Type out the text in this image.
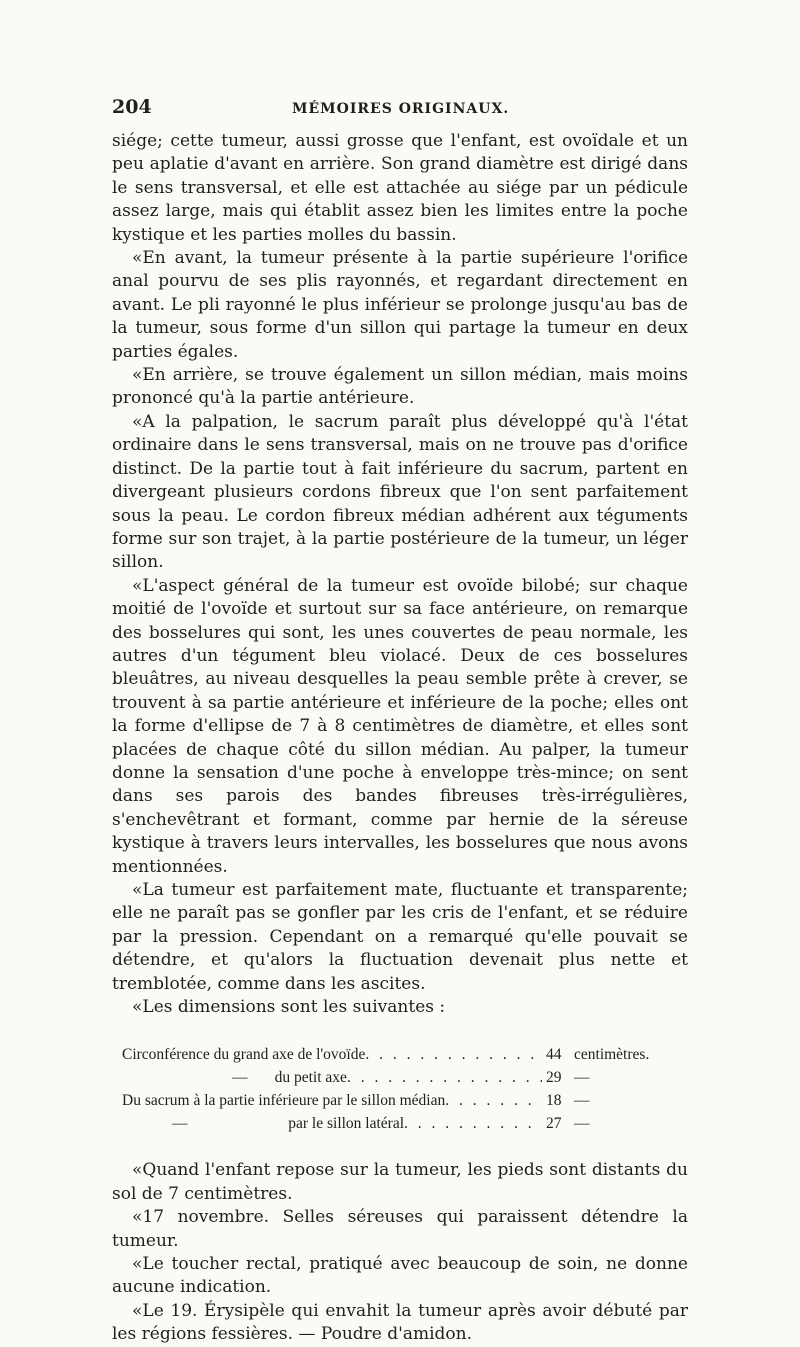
204	MÉMOIRES ORIGINAUX.

siége; cette tumeur, aussi grosse que l'enfant, est ovoïdale et un peu aplatie d'avant en arrière. Son grand diamètre est dirigé dans le sens transversal, et elle est attachée au siége par un pédicule assez large, mais qui établit assez bien les limites entre la poche kystique et les parties molles du bassin.

«En avant, la tumeur présente à la partie supérieure l'orifice anal pourvu de ses plis rayonnés, et regardant directement en avant. Le pli rayonné le plus inférieur se prolonge jusqu'au bas de la tumeur, sous forme d'un sillon qui partage la tumeur en deux parties égales.

«En arrière, se trouve également un sillon médian, mais moins prononcé qu'à la partie antérieure.

«A la palpation, le sacrum paraît plus développé qu'à l'état ordinaire dans le sens transversal, mais on ne trouve pas d'orifice distinct. De la partie tout à fait inférieure du sacrum, partent en divergeant plusieurs cordons fibreux que l'on sent parfaitement sous la peau. Le cordon fibreux médian adhérent aux téguments forme sur son trajet, à la partie postérieure de la tumeur, un léger sillon.

«L'aspect général de la tumeur est ovoïde bilobé; sur chaque moitié de l'ovoïde et surtout sur sa face antérieure, on remarque des bosselures qui sont, les unes couvertes de peau normale, les autres d'un tégument bleu violacé. Deux de ces bosselures bleuâtres, au niveau desquelles la peau semble prête à crever, se trouvent à sa partie antérieure et inférieure de la poche; elles ont la forme d'ellipse de 7 à 8 centimètres de diamètre, et elles sont placées de chaque côté du sillon médian. Au palper, la tumeur donne la sensation d'une poche à enveloppe très-mince; on sent dans ses parois des bandes fibreuses très-irrégulières, s'enchevêtrant et formant, comme par hernie de la séreuse kystique à travers leurs intervalles, les bosselures que nous avons mentionnées.

«La tumeur est parfaitement mate, fluctuante et transparente; elle ne paraît pas se gonfler par les cris de l'enfant, et se réduire par la pression. Cependant on a remarqué qu'elle pouvait se détendre, et qu'alors la fluctuation devenait plus nette et tremblotée, comme dans les ascites.

«Les dimensions sont les suivantes :

Circonférence du grand axe de l'ovoïde . . .	44 centimètres.
—       du petit axe . . .	29 —
Du sacrum à la partie inférieure par le sillon médian . . .	18 —
—                          par le sillon latéral . . .	27 —

«Quand l'enfant repose sur la tumeur, les pieds sont distants du sol de 7 centimètres.

«17 novembre. Selles séreuses qui paraissent détendre la tumeur.

«Le toucher rectal, pratiqué avec beaucoup de soin, ne donne aucune indication.

«Le 19. Érysipèle qui envahit la tumeur après avoir débuté par les régions fessières. — Poudre d'amidon.
